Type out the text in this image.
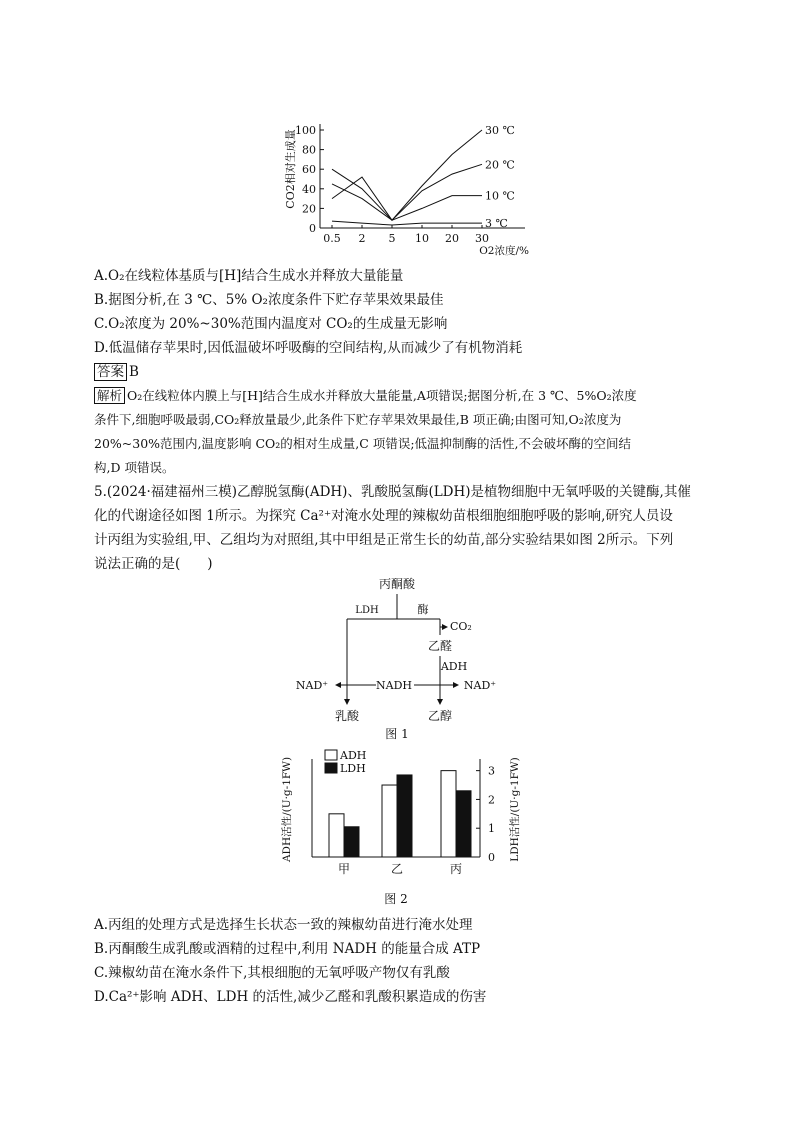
100
80
60
40
20
0
0.5 2 5 10 20 30
CO2相对生成量
O2浓度/%
30 ℃
20 ℃
10 ℃
3 ℃
A.O₂在线粒体基质与[H]结合生成水并释放大量能量
B.据图分析,在 3 ℃、5% O₂浓度条件下贮存苹果效果最佳
C.O₂浓度为 20%~30%范围内温度对 CO₂的生成量无影响
D.低温储存苹果时,因低温破坏呼吸酶的空间结构,从而减少了有机物消耗
答案 B
解析 O₂在线粒体内膜上与[H]结合生成水并释放大量能量,A项错误;据图分析,在 3 ℃、5%O₂浓度
条件下,细胞呼吸最弱,CO₂释放量最少,此条件下贮存苹果效果最佳,B 项正确;由图可知,O₂浓度为
20%~30%范围内,温度影响 CO₂的相对生成量,C 项错误;低温抑制酶的活性,不会破坏酶的空间结
构,D 项错误。
5.(2024·福建福州三模)乙醇脱氢酶(ADH)、乳酸脱氢酶(LDH)是植物细胞中无氧呼吸的关键酶,其催
化的代谢途径如图 1所示。为探究 Ca²⁺对淹水处理的辣椒幼苗根细胞细胞呼吸的影响,研究人员设
计丙组为实验组,甲、乙组均为对照组,其中甲组是正常生长的幼苗,部分实验结果如图 2所示。下列
说法正确的是(　　)
丙酮酸
LDH	酶
CO₂
乙醛
ADH
NAD⁺	NADH	NAD⁺
乳酸	乙醇
图 1
3
2
1
0
甲	乙	丙
ADH
LDH
ADH活性/(U·g-1FW)	LDH活性/(U·g-1FW)
图 2
A.丙组的处理方式是选择生长状态一致的辣椒幼苗进行淹水处理
B.丙酮酸生成乳酸或酒精的过程中,利用 NADH 的能量合成 ATP
C.辣椒幼苗在淹水条件下,其根细胞的无氧呼吸产物仅有乳酸
D.Ca²⁺影响 ADH、LDH 的活性,减少乙醛和乳酸积累造成的伤害
